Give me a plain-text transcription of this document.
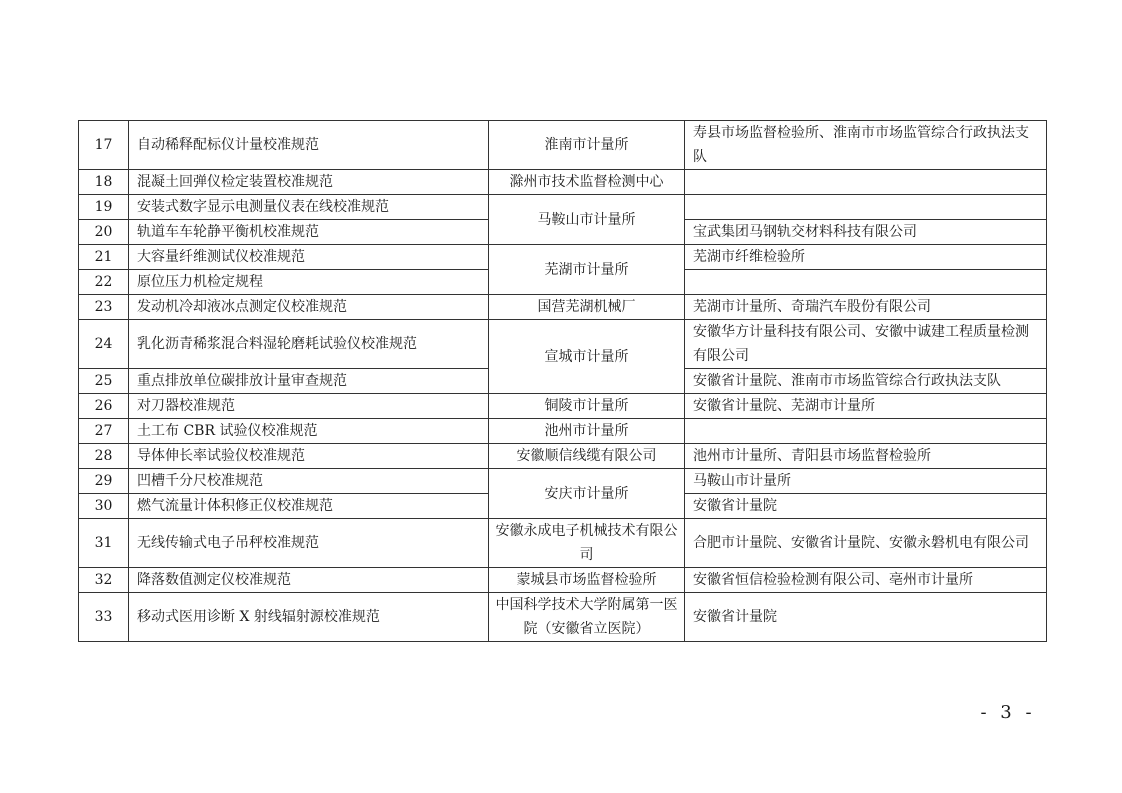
17	自动稀释配标仪计量校准规范	淮南市计量所	寿县市场监督检验所、淮南市市场监管综合行政执法支队
18	混凝土回弹仪检定装置校准规范	滁州市技术监督检测中心	
19	安装式数字显示电测量仪表在线校准规范	马鞍山市计量所	
20	轨道车车轮静平衡机校准规范		宝武集团马钢轨交材料科技有限公司
21	大容量纤维测试仪校准规范	芜湖市计量所	芜湖市纤维检验所
22	原位压力机检定规程		
23	发动机冷却液冰点测定仪校准规范	国营芜湖机械厂	芜湖市计量所、奇瑞汽车股份有限公司
24	乳化沥青稀浆混合料湿轮磨耗试验仪校准规范	宣城市计量所	安徽华方计量科技有限公司、安徽中诚建工程质量检测有限公司
25	重点排放单位碳排放计量审查规范		安徽省计量院、淮南市市场监管综合行政执法支队
26	对刀器校准规范	铜陵市计量所	安徽省计量院、芜湖市计量所
27	土工布 CBR 试验仪校准规范	池州市计量所	
28	导体伸长率试验仪校准规范	安徽顺信线缆有限公司	池州市计量所、青阳县市场监督检验所
29	凹槽千分尺校准规范	安庆市计量所	马鞍山市计量所
30	燃气流量计体积修正仪校准规范		安徽省计量院
31	无线传输式电子吊秤校准规范	安徽永成电子机械技术有限公司	合肥市计量院、安徽省计量院、安徽永磐机电有限公司
32	降落数值测定仪校准规范	蒙城县市场监督检验所	安徽省恒信检验检测有限公司、亳州市计量所
33	移动式医用诊断 X 射线辐射源校准规范	中国科学技术大学附属第一医院（安徽省立医院）	安徽省计量院
- 3 -
